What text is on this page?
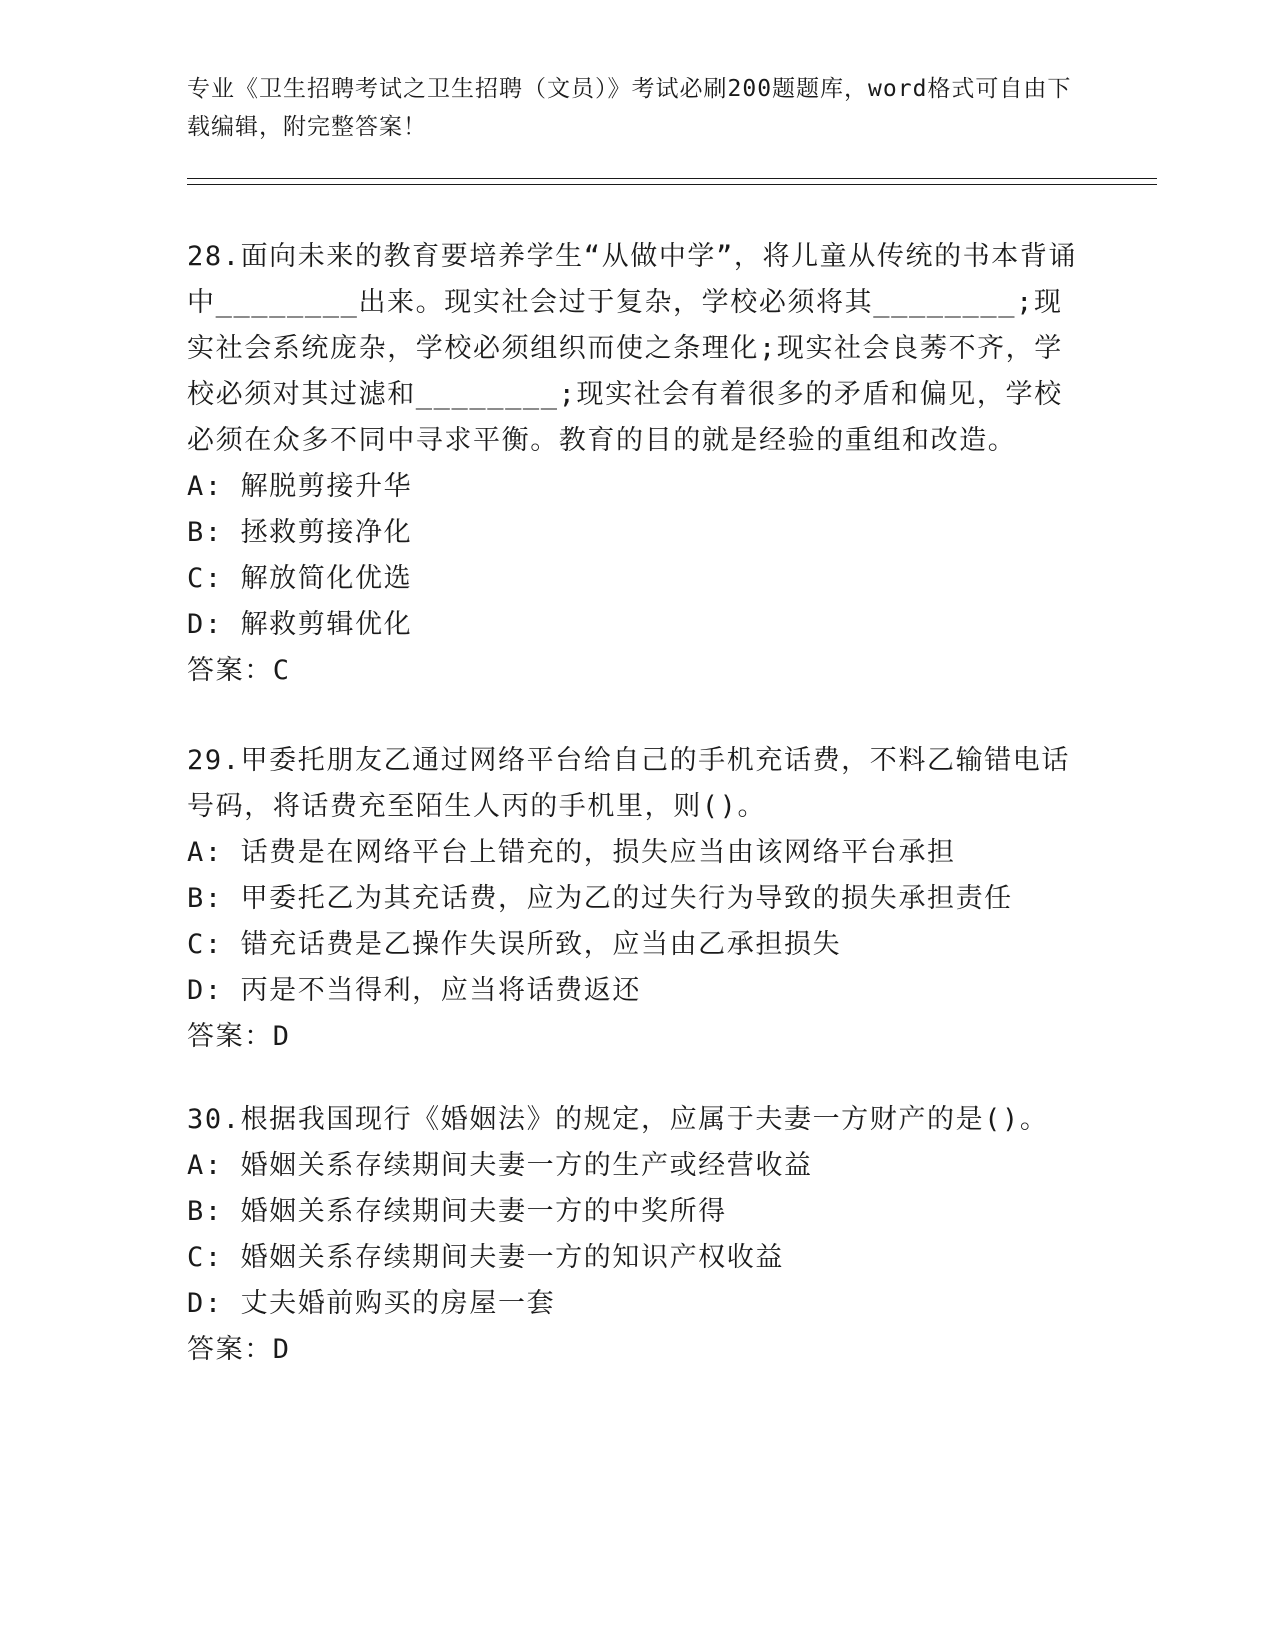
专业《卫生招聘考试之卫生招聘（文员）》考试必刷200题题库，word格式可自由下载编辑，附完整答案！
28.面向未来的教育要培养学生“从做中学”，将儿童从传统的书本背诵中________出来。现实社会过于复杂，学校必须将其________;现实社会系统庞杂，学校必须组织而使之条理化;现实社会良莠不齐，学校必须对其过滤和________;现实社会有着很多的矛盾和偏见，学校必须在众多不同中寻求平衡。教育的目的就是经验的重组和改造。
A: 解脱剪接升华
B: 拯救剪接净化
C: 解放简化优选
D: 解救剪辑优化
答案：C
29.甲委托朋友乙通过网络平台给自己的手机充话费，不料乙输错电话号码，将话费充至陌生人丙的手机里，则()。
A: 话费是在网络平台上错充的，损失应当由该网络平台承担
B: 甲委托乙为其充话费，应为乙的过失行为导致的损失承担责任
C: 错充话费是乙操作失误所致，应当由乙承担损失
D: 丙是不当得利，应当将话费返还
答案：D
30.根据我国现行《婚姻法》的规定，应属于夫妻一方财产的是()。
A: 婚姻关系存续期间夫妻一方的生产或经营收益
B: 婚姻关系存续期间夫妻一方的中奖所得
C: 婚姻关系存续期间夫妻一方的知识产权收益
D: 丈夫婚前购买的房屋一套
答案：D
